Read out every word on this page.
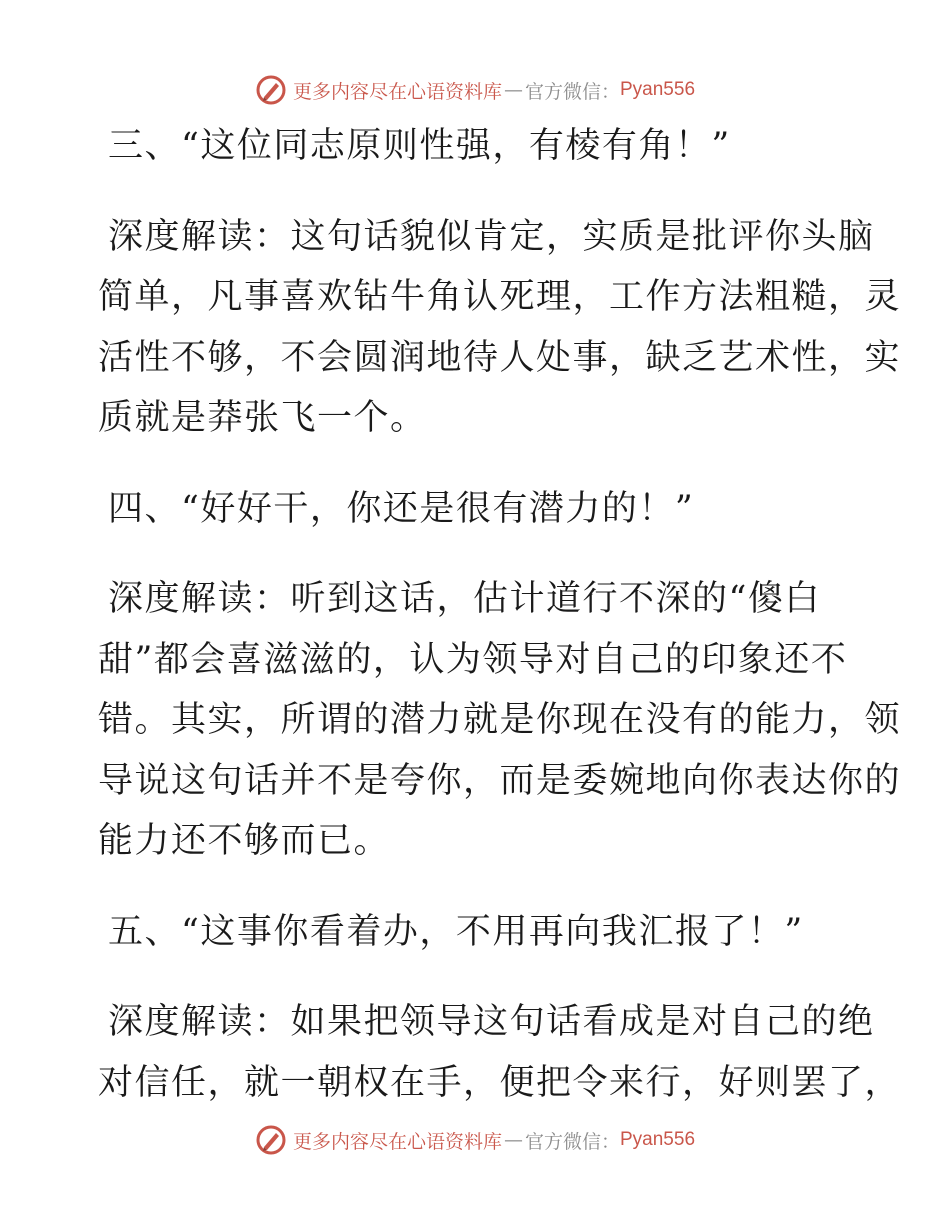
更多内容尽在心语资料库 — 官方微信： Pyan556
三、“这位同志原则性强，有棱有角！”
深度解读：这句话貌似肯定，实质是批评你头脑
简单，凡事喜欢钻牛角认死理，工作方法粗糙，灵
活性不够，不会圆润地待人处事，缺乏艺术性，实
质就是莽张飞一个。
四、“好好干，你还是很有潜力的！”
深度解读：听到这话，估计道行不深的“傻白
甜”都会喜滋滋的，认为领导对自己的印象还不
错。其实，所谓的潜力就是你现在没有的能力，领
导说这句话并不是夸你，而是委婉地向你表达你的
能力还不够而已。
五、“这事你看着办，不用再向我汇报了！”
深度解读：如果把领导这句话看成是对自己的绝
对信任，就一朝权在手，便把令来行，好则罢了，
更多内容尽在心语资料库 — 官方微信： Pyan556
